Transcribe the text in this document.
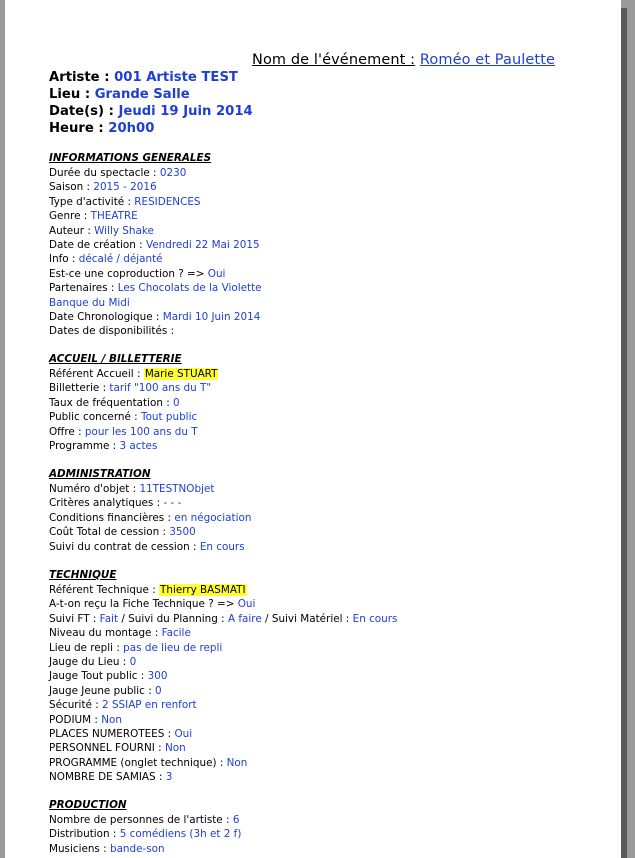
Nom de l'événement : Roméo et Paulette
Artiste : 001 Artiste TEST
Lieu : Grande Salle
Date(s) : Jeudi 19 Juin 2014
Heure : 20h00
INFORMATIONS GENERALES
Durée du spectacle : 0230
Saison : 2015 - 2016
Type d'activité : RESIDENCES
Genre : THEATRE
Auteur : Willy Shake
Date de création : Vendredi 22 Mai 2015
Info : décalé / déjanté
Est-ce une coproduction ? => Oui
Partenaires : Les Chocolats de la Violette
Banque du Midi
Date Chronologique : Mardi 10 Juin 2014
Dates de disponibilités :
ACCUEIL / BILLETTERIE
Référent Accueil : Marie STUART
Billetterie : tarif "100 ans du T"
Taux de fréquentation : 0
Public concerné : Tout public
Offre : pour les 100 ans du T
Programme : 3 actes
ADMINISTRATION
Numéro d'objet : 11TESTNObjet
Critères analytiques : - - -
Conditions financières : en négociation
Coût Total de cession : 3500
Suivi du contrat de cession : En cours
TECHNIQUE
Référent Technique : Thierry BASMATI
A-t-on reçu la Fiche Technique ? => Oui
Suivi FT : Fait / Suivi du Planning : A faire / Suivi Matériel : En cours
Niveau du montage : Facile
Lieu de repli : pas de lieu de repli
Jauge du Lieu : 0
Jauge Tout public : 300
Jauge Jeune public : 0
Sécurité : 2 SSIAP en renfort
PODIUM : Non
PLACES NUMEROTEES : Oui
PERSONNEL FOURNI : Non
PROGRAMME (onglet technique) : Non
NOMBRE DE SAMIAS : 3
PRODUCTION
Nombre de personnes de l'artiste : 6
Distribution : 5 comédiens (3h et 2 f)
Musiciens : bande-son
